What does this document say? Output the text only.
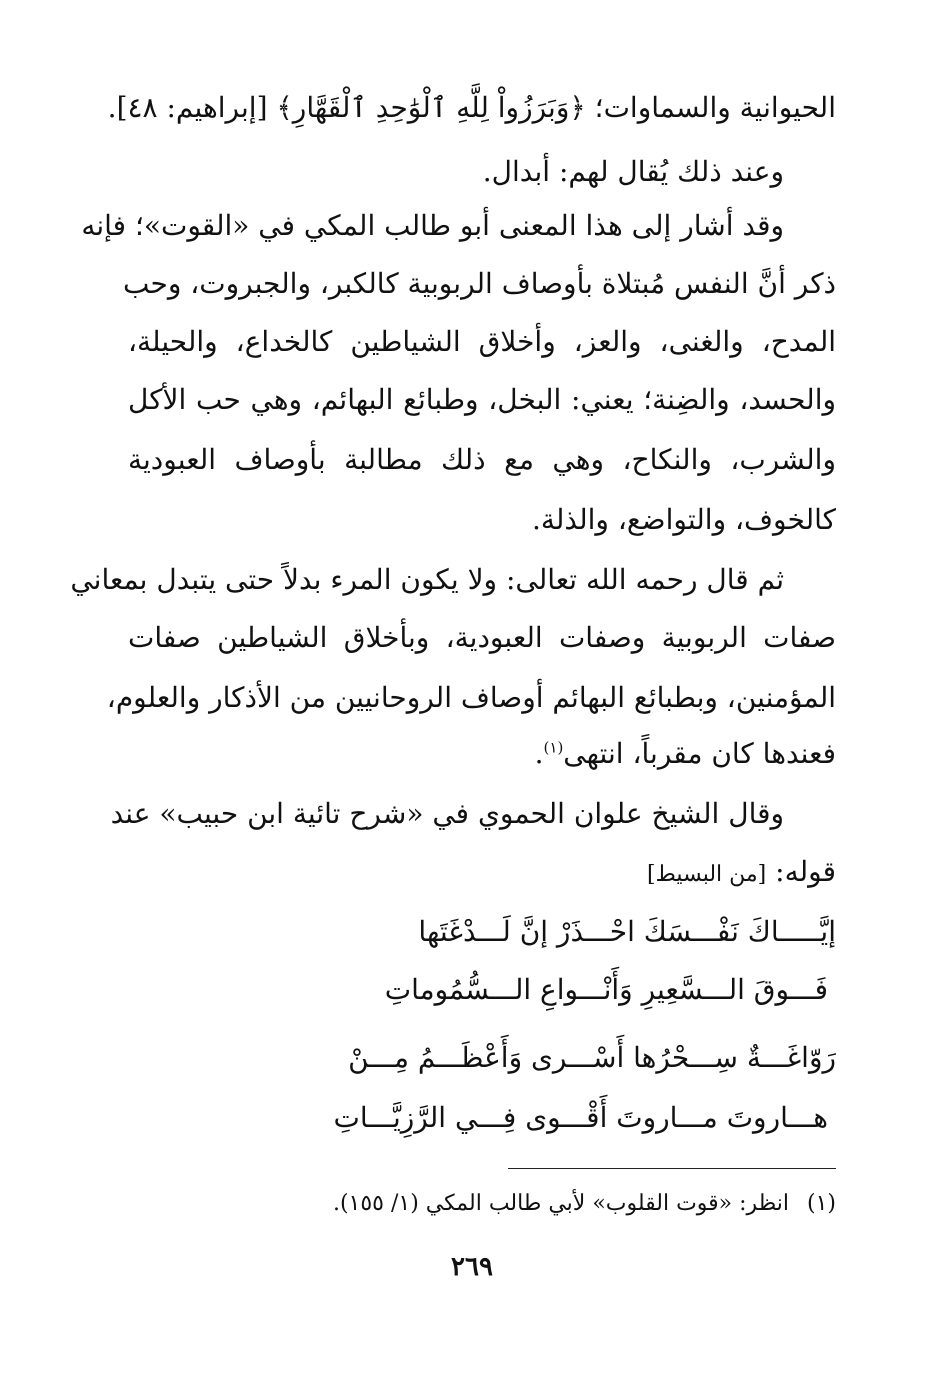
الحيوانية والسماوات؛ ﴿وَبَرَزُواْ لِلَّهِ ٱلْوَٰحِدِ ٱلْقَهَّارِ﴾ [إبراهيم: ٤٨].
وعند ذلك يُقال لهم: أبدال.
وقد أشار إلى هذا المعنى أبو طالب المكي في «القوت»؛ فإنه
ذكر أنَّ النفس مُبتلاة بأوصاف الربوبية كالكبر، والجبروت، وحب
المدح، والغنى، والعز، وأخلاق الشياطين كالخداع، والحيلة،
والحسد، والضِنة؛ يعني: البخل، وطبائع البهائم، وهي حب الأكل
والشرب، والنكاح، وهي مع ذلك مطالبة بأوصاف العبودية
كالخوف، والتواضع، والذلة.
ثم قال رحمه الله تعالى: ولا يكون المرء بدلاً حتى يتبدل بمعاني
صفات الربوبية وصفات العبودية، وبأخلاق الشياطين صفات
المؤمنين، وبطبائع البهائم أوصاف الروحانيين من الأذكار والعلوم،
فعندها كان مقرباً، انتهى$^{(١)}$.
وقال الشيخ علوان الحموي في «شرح تائية ابن حبيب» عند
قوله: [من البسيط]
إيَّـــــاكَ نَفْـــسَكَ احْـــذَرْ إنَّ لَـــدْغَتَها
فَـــوقَ الـــسَّعِيرِ وَأَنْـــواعِ الـــسُّمُوماتِ
رَوّاغَـــةٌ سِـــحْرُها أَسْـــرى وَأَعْظَـــمُ مِـــنْ
هـــاروتَ مـــاروتَ أَقْـــوى فِـــي الرَّزِيَّـــاتِ
(١)انظر: «قوت القلوب» لأبي طالب المكي (١/ ١٥٥).
٢٦٩
